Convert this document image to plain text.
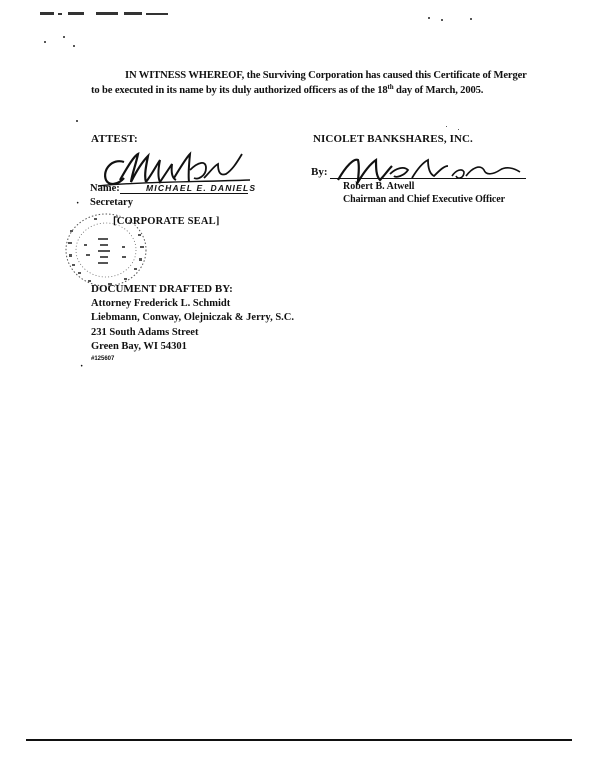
IN WITNESS WHEREOF, the Surviving Corporation has caused this Certificate of Merger to be executed in its name by its duly authorized officers as of the 18th day of March, 2005.

ATTEST:	NICOLET BANKSHARES, INC.
Name:	MICHAEL E. DANIELS
· Secretary
By:
Robert B. Atwell
Chairman and Chief Executive Officer
[CORPORATE SEAL]
DOCUMENT DRAFTED BY:
Attorney Frederick L. Schmidt
Liebmann, Conway, Olejniczak & Jerry, S.C.
231 South Adams Street
Green Bay, WI 54301
#125607
·
